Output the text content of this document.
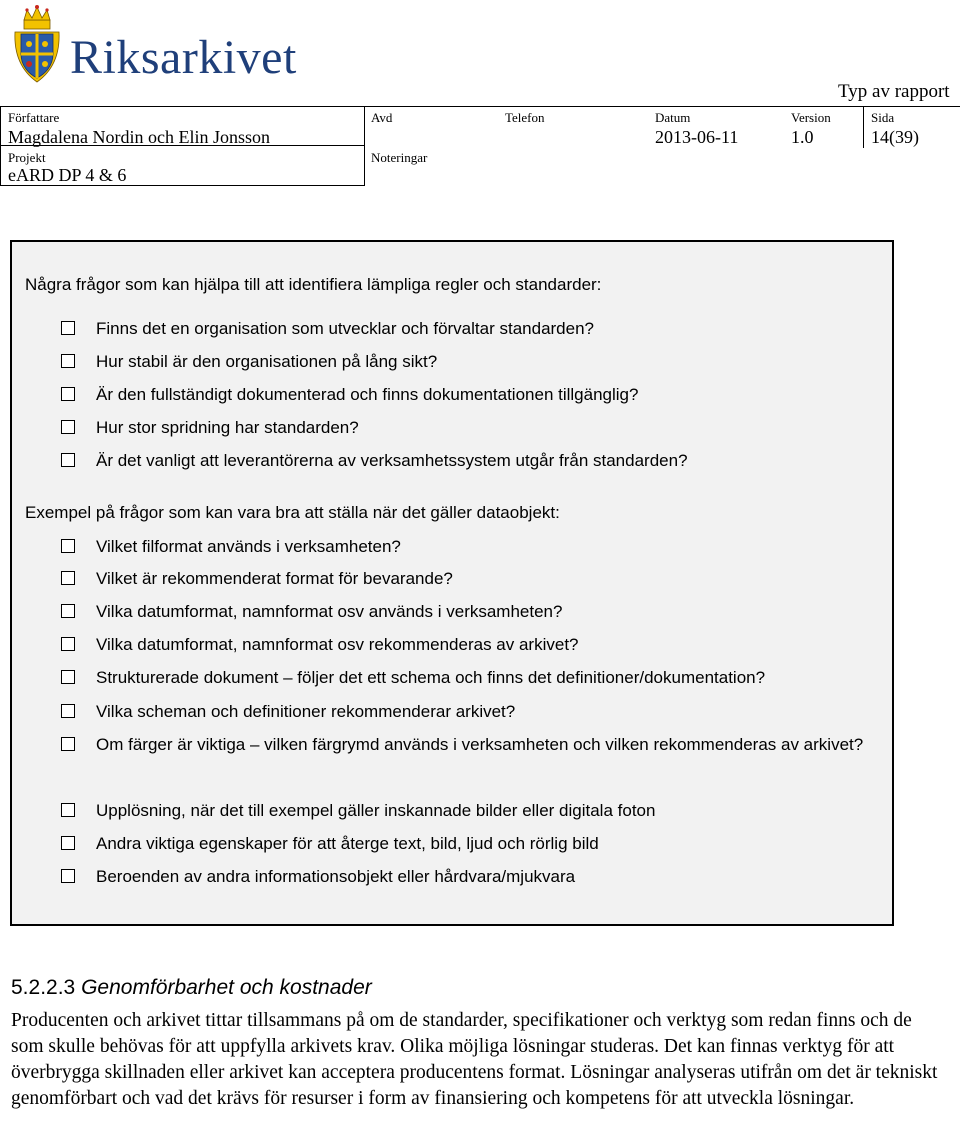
Riksarkivet
Typ av rapport
Författare
Magdalena Nordin och Elin Jonsson
Avd	Telefon	Datum
2013-06-11
Version
1.0
Sida
14(39)
Projekt
eARD DP 4 & 6
Noteringar
Några frågor som kan hjälpa till att identifiera lämpliga regler och standarder:
Finns det en organisation som utvecklar och förvaltar standarden?
Hur stabil är den organisationen på lång sikt?
Är den fullständigt dokumenterad och finns dokumentationen tillgänglig?
Hur stor spridning har standarden?
Är det vanligt att leverantörerna av verksamhetssystem utgår från standarden?
Exempel på frågor som kan vara bra att ställa när det gäller dataobjekt:
Vilket filformat används i verksamheten?
Vilket är rekommenderat format för bevarande?
Vilka datumformat, namnformat osv används i verksamheten?
Vilka datumformat, namnformat osv rekommenderas av arkivet?
Strukturerade dokument – följer det ett schema och finns det definitioner/dokumentation?
Vilka scheman och definitioner rekommenderar arkivet?
Om färger är viktiga – vilken färgrymd används i verksamheten och vilken rekommenderas av arkivet?
Upplösning, när det till exempel gäller inskannade bilder eller digitala foton
Andra viktiga egenskaper för att återge text, bild, ljud och rörlig bild
Beroenden av andra informationsobjekt eller hårdvara/mjukvara
5.2.2.3 Genomförbarhet och kostnader

Producenten och arkivet tittar tillsammans på om de standarder, specifikationer och verktyg som redan finns och de som skulle behövas för att uppfylla arkivets krav. Olika möjliga lösningar studeras. Det kan finnas verktyg för att överbrygga skillnaden eller arkivet kan acceptera producentens format. Lösningar analyseras utifrån om det är tekniskt genomförbart och vad det krävs för resurser i form av finansiering och kompetens för att utveckla lösningar.
